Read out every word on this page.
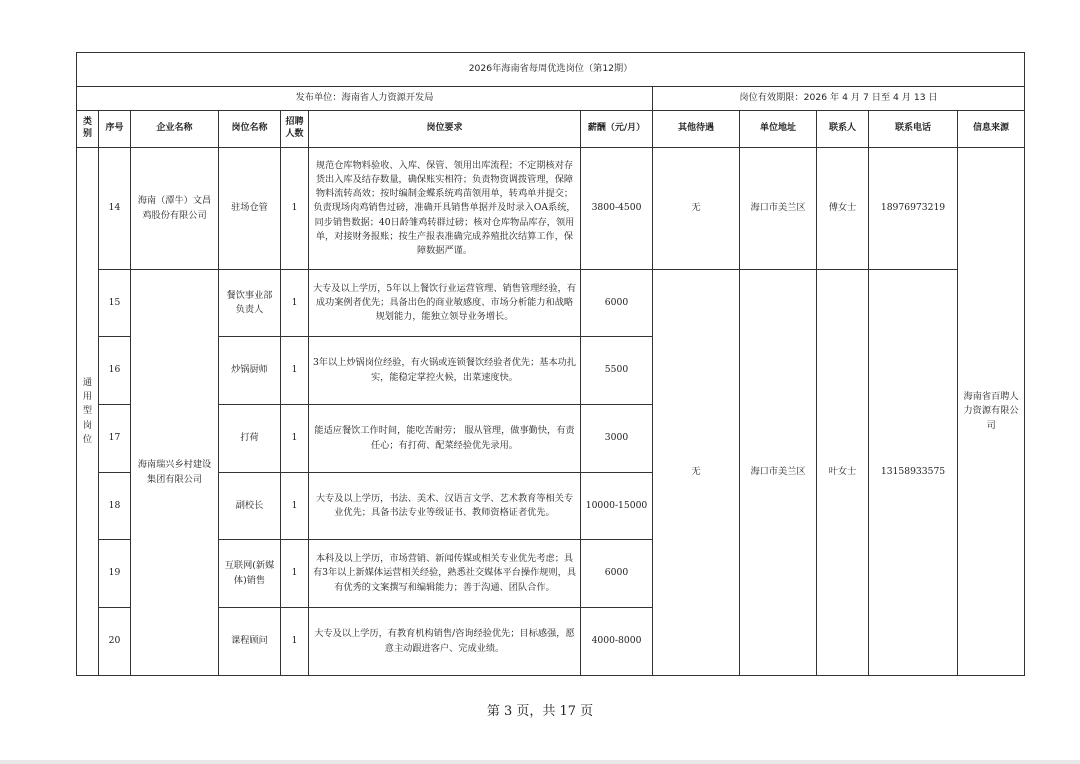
2026年海南省每周优选岗位（第12期）											
发布单位：海南省人力资源开发局							岗位有效期限：2026 年 4 月 7 日至 4 月 13 日				
类别	序号	企业名称	岗位名称	招聘人数	岗位要求	薪酬（元/月）	其他待遇	单位地址	联系人	联系电话	信息来源
通用型岗位	14	海南（潭牛）文昌鸡股份有限公司	驻场仓管	1	规范仓库物料验收、入库、保管、领用出库流程；不定期核对存货出入库及结存数量，确保账实相符；负责物资调拨管理，保障物料流转高效；按时编制金蝶系统鸡苗领用单，转鸡单并提交；负责现场肉鸡销售过磅，准确开具销售单据并及时录入OA系统，同步销售数据；40日龄雏鸡转群过磅；核对仓库物品库存，领用单，对接财务报账；按生产报表准确完成养殖批次结算工作，保障数据严谨。	3800-4500	无	海口市美兰区	傅女士	18976973219	海南省百聘人力资源有限公司
	15	海南瑞兴乡村建设集团有限公司	餐饮事业部负责人	1	大专及以上学历，5年以上餐饮行业运营管理、销售管理经验，有成功案例者优先；具备出色的商业敏感度、市场分析能力和战略规划能力，能独立领导业务增长。	6000	无	海口市美兰区	叶女士	13158933575	
	16		炒锅厨师	1	3年以上炒锅岗位经验，有火锅或连锁餐饮经验者优先；基本功扎实，能稳定掌控火候，出菜速度快。	5500					
	17		打荷	1	能适应餐饮工作时间，能吃苦耐劳； 服从管理，做事勤快，有责任心；有打荷、配菜经验优先录用。	3000					
	18		副校长	1	大专及以上学历，书法、美术、汉语言文学、艺术教育等相关专业优先；具备书法专业等级证书、教师资格证者优先。	10000-15000					
	19		互联网(新媒体)销售	1	本科及以上学历，市场营销、新闻传媒或相关专业优先考虑；具有3年以上新媒体运营相关经验，熟悉社交媒体平台操作规则，具有优秀的文案撰写和编辑能力；善于沟通、团队合作。	6000					
	20		课程顾问	1	大专及以上学历，有教育机构销售/咨询经验优先；目标感强，愿意主动跟进客户、完成业绩。	4000-8000					
第 3 页，共 17 页
